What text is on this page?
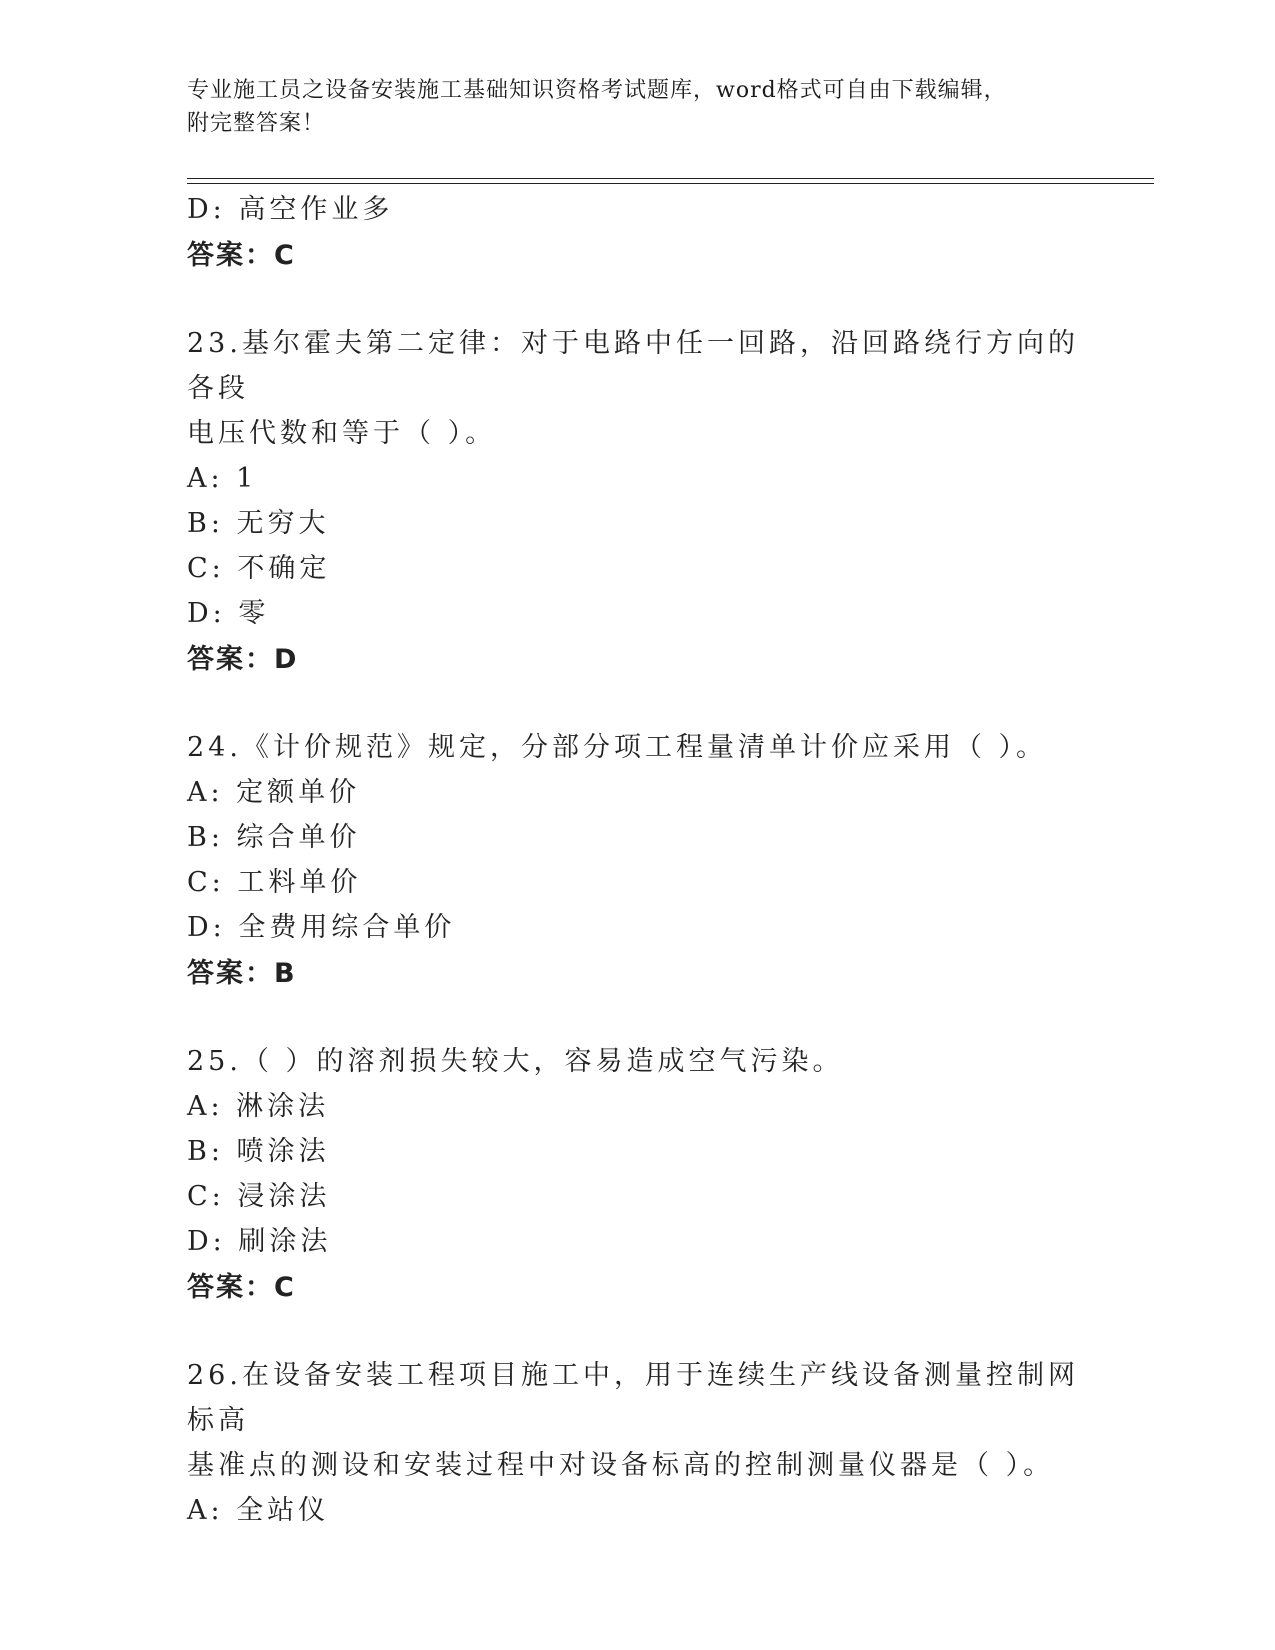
专业施工员之设备安装施工基础知识资格考试题库，word格式可自由下载编辑，
附完整答案！
D: 高空作业多
答案：C
23.基尔霍夫第二定律：对于电路中任一回路，沿回路绕行方向的各段
电压代数和等于（ ）。
A: 1
B: 无穷大
C: 不确定
D: 零
答案：D
24.《计价规范》规定，分部分项工程量清单计价应采用（ ）。
A: 定额单价
B: 综合单价
C: 工料单价
D: 全费用综合单价
答案：B
25.（ ）的溶剂损失较大，容易造成空气污染。
A: 淋涂法
B: 喷涂法
C: 浸涂法
D: 刷涂法
答案：C
26.在设备安装工程项目施工中，用于连续生产线设备测量控制网标高
基准点的测设和安装过程中对设备标高的控制测量仪器是（ ）。
A: 全站仪
